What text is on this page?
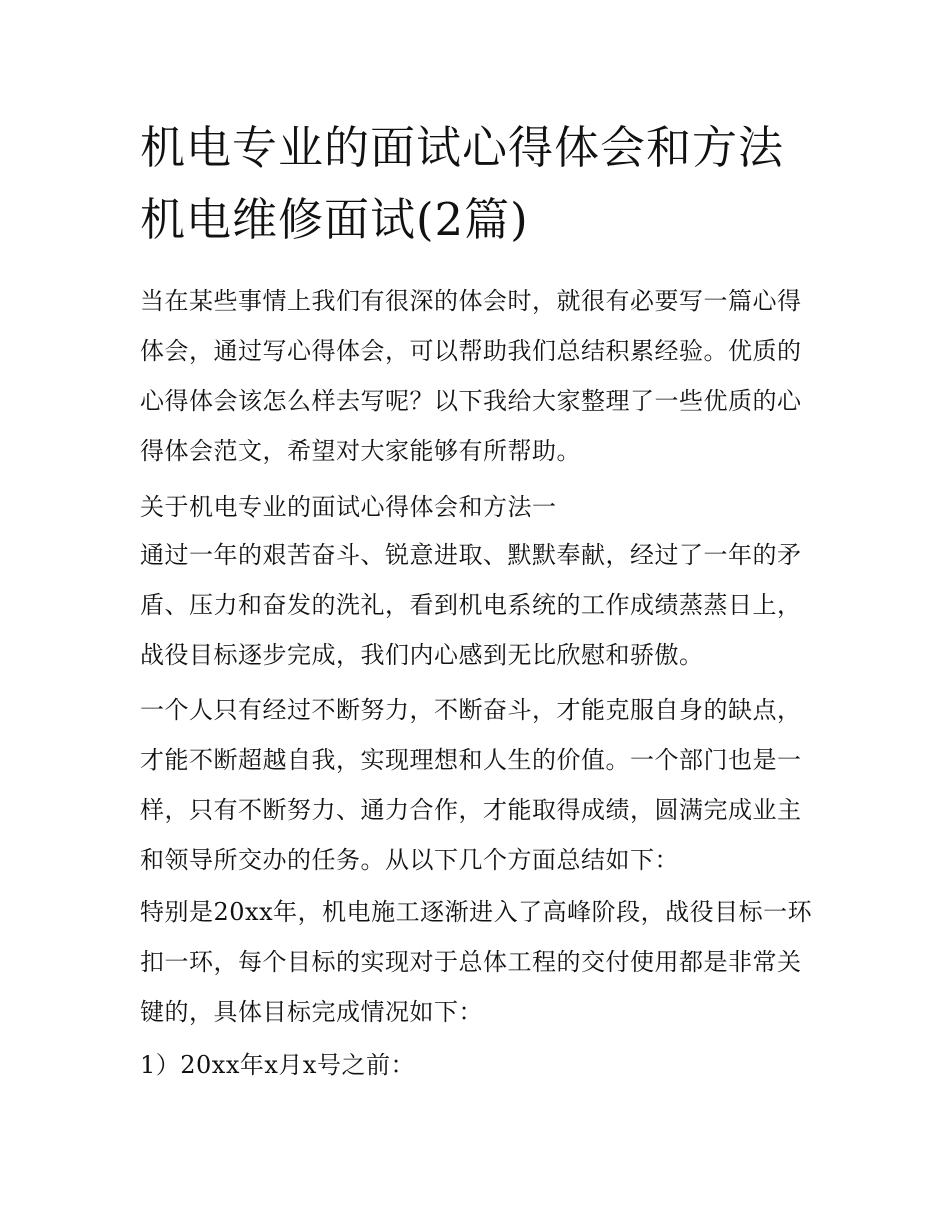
机电专业的面试心得体会和方法 机电维修面试(2篇)

当在某些事情上我们有很深的体会时，就很有必要写一篇心得体会，通过写心得体会，可以帮助我们总结积累经验。优质的心得体会该怎么样去写呢？以下我给大家整理了一些优质的心得体会范文，希望对大家能够有所帮助。

关于机电专业的面试心得体会和方法一

通过一年的艰苦奋斗、锐意进取、默默奉献，经过了一年的矛盾、压力和奋发的洗礼，看到机电系统的工作成绩蒸蒸日上，战役目标逐步完成，我们内心感到无比欣慰和骄傲。

一个人只有经过不断努力，不断奋斗，才能克服自身的缺点，才能不断超越自我，实现理想和人生的价值。一个部门也是一样，只有不断努力、通力合作，才能取得成绩，圆满完成业主和领导所交办的任务。从以下几个方面总结如下：

特别是20xx年，机电施工逐渐进入了高峰阶段，战役目标一环扣一环，每个目标的实现对于总体工程的交付使用都是非常关键的，具体目标完成情况如下：

1）20xx年x月x号之前：
